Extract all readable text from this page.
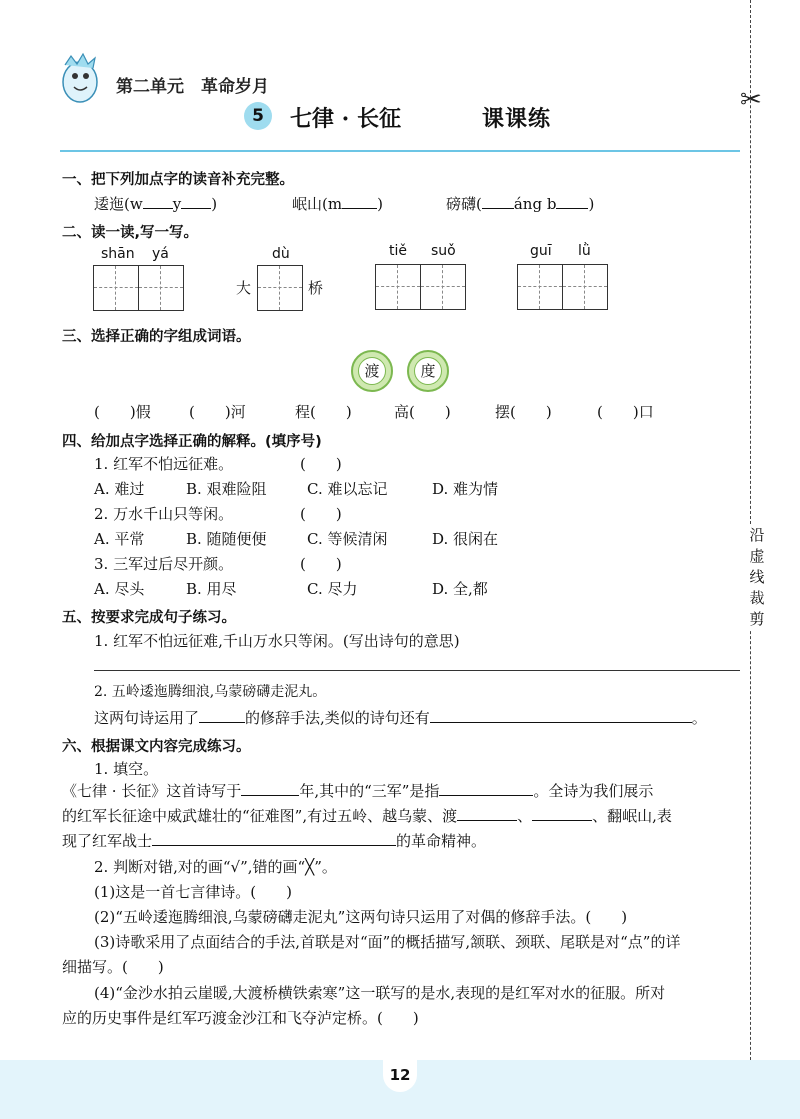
第二单元　革命岁月
5	七律 · 长征	课课练
✂
沿
虚
线
裁
剪
一、把下列加点字的读音补充完整。
逶迤(w y )	岷山(m )	磅礴( áng b )
二、读一读,写一写。
shān yá
大
dù
桥
tiě suǒ	guī lǜ
三、选择正确的字组成词语。
渡	度
(　　)假	(　　)河	程(　　)	高(　　)	摆(　　)	(　　)口
四、给加点字选择正确的解释。(填序号)
1. 红军不怕远征难。	(　　)
A. 难过	B. 艰难险阻	C. 难以忘记	D. 难为情
2. 万水千山只等闲。	(　　)
A. 平常	B. 随随便便	C. 等候清闲	D. 很闲在
3. 三军过后尽开颜。	(　　)
A. 尽头	B. 用尽	C. 尽力	D. 全,都
五、按要求完成句子练习。
1. 红军不怕远征难,千山万水只等闲。(写出诗句的意思)
2. 五岭逶迤腾细浪,乌蒙磅礴走泥丸。
这两句诗运用了	的修辞手法,类似的诗句还有	。
六、根据课文内容完成练习。
1. 填空。
《七律 · 长征》这首诗写于	年,其中的“三军”是指	。全诗为我们展示
的红军长征途中威武雄壮的“征难图”,有过五岭、越乌蒙、渡	、	、翻岷山,表
现了红军战士	的革命精神。
2. 判断对错,对的画“√”,错的画“╳”。
(1)这是一首七言律诗。(　　)
(2)“五岭逶迤腾细浪,乌蒙磅礴走泥丸”这两句诗只运用了对偶的修辞手法。(　　)
(3)诗歌采用了点面结合的手法,首联是对“面”的概括描写,颔联、颈联、尾联是对“点”的详
细描写。(　　)
(4)“金沙水拍云崖暖,大渡桥横铁索寒”这一联写的是水,表现的是红军对水的征服。所对
应的历史事件是红军巧渡金沙江和飞夺泸定桥。(　　)
12
